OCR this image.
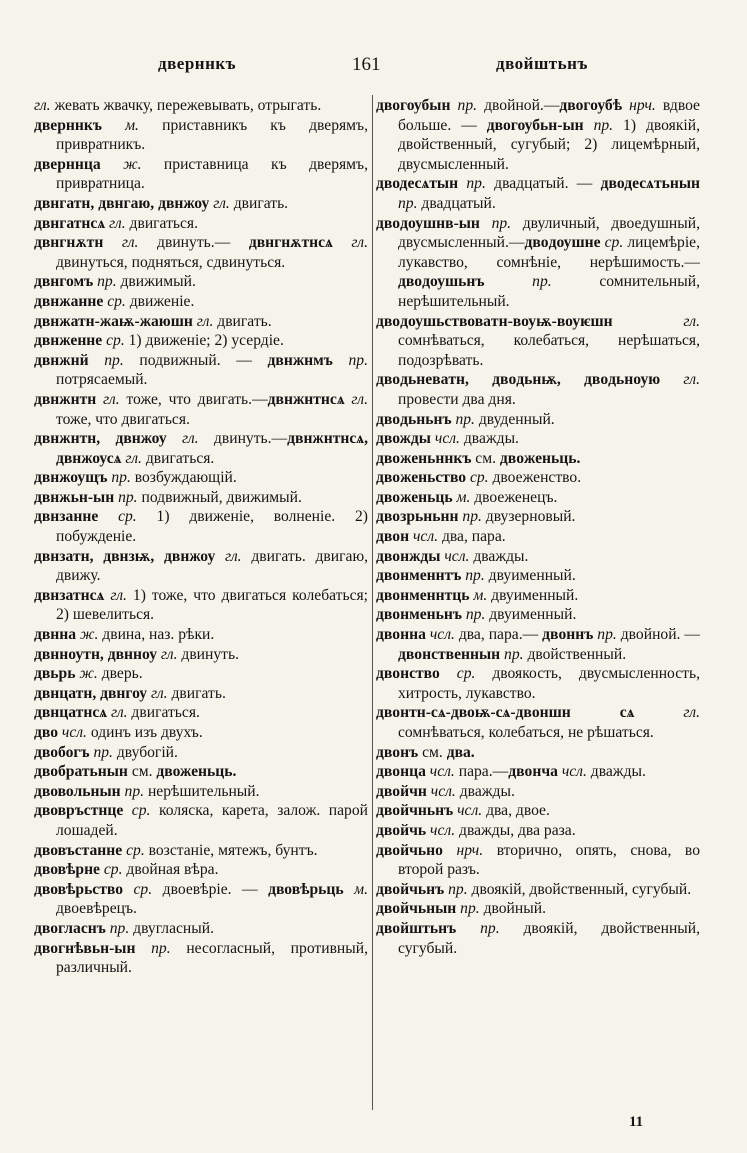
дверннкъ	161	двойштьнъ

гл. жевать жвачку, пережевывать, отрыгать.

дверннкъ м. приставникъ къ дверямъ, привратникъ.

дверннцa ж. приставница къ дверямъ, привратница.

двнгатн, двнгаю, двнжоу гл. двигать.

двнгатнсѧ гл. двигаться.

двнгнѫтн гл. двинуть.— двнгнѫтнсѧ гл. двинуться, подняться, сдвинуться.

двнгомъ пр. движимый.

двнжанне ср. движеніе.

двнжатн-жаѭ-жаюшн гл. двигать.

двнженне ср. 1) движеніе; 2) усердіе.

двнжнй пр. подвижный. — двнжнмъ пр. потрясаемый.

двнжнтн гл. тоже, что двигать.—двнжнтнсѧ гл. тоже, что двигаться.

двнжнтн, двнжоу гл. двинуть.—двнжнтнсѧ, двнжоусѧ гл. двигаться.

двнжоущъ пр. возбуждающій.

двнжьн-ын пр. подвижный, движимый.

двнзанне ср. 1) движеніе, волненіе. 2) побужденіе.

двнзатн, двнзѭ, двнжоу гл. двигать. двигаю, движу.

двнзатнсѧ гл. 1) тоже, что двигаться колебаться; 2) шевелиться.

двнна ж. двина, наз. рѣки.

двнноутн, двнноу гл. двинуть.

двьрь ж. дверь.

двнцатн, двнгоу гл. двигать.

двнцатнсѧ гл. двигаться.

дво чсл. одинъ изъ двухъ.

двобогъ пр. двубогій.

двобратьнын см. двоженьць.

двовольнын пр. нерѣшительный.

двовръстнце ср. коляска, карета, залож. парой лошадей.

двовъстанне ср. возстаніе, мятежъ, бунтъ.

двовѣрне ср. двойная вѣра.

двовѣрьство ср. двоевѣріе. — двовѣрьць м. двоевѣрецъ.

двогласнъ пр. двугласный.

двогнѣвьн-ын пр. несогласный, противный, различный.

двогоубын пр. двойной.—двогоубѣ нрч. вдвое больше. — двогоубьн-ын пр. 1) двоякій, двойственный, сугубый; 2) лицемѣрный, двусмысленный.

дводесѧтын пр. двадцатый. — дводесѧтьнын пр. двадцатый.

двoдоушнв-ын пр. двуличный, двоедушный, двусмысленный.—двoдоушне ср. лицемѣріе, лукавство, сомнѣніе, нерѣшимость.—двoдоушьнъ пр. сомнительный, нерѣшительный.

двoдоушьствовaтн-воуѭ-воуѥшн гл. сомнѣваться, колебаться, нерѣшаться, подозрѣвать.

двoдьневaтн, двoдьнѭ, двoдьноую гл. провести два дня.

двoдьньнъ пр. двуденный.

двожды чсл. дважды.

двoженьннкъ см. двoженьць.

двoженьство ср. двоеженство.

двoженьць м. двоеженецъ.

двoзрьньнн пр. двузерновый.

двoн чсл. два, пара.

двoнжды чсл. дважды.

двoнменнтъ пр. двуименный.

двoнменнтць м. двуименный.

двoнменьнъ пр. двуименный.

двoнна чсл. два, пара.— двoннъ пр. двойной. — двoнственнын пр. двойственный.

двoнство ср. двоякость, двусмысленность, хитрость, лукавство.

двoнтн-сѧ-двоѭ-сѧ-двoншн сѧ гл. сомнѣваться, колебаться, не рѣшаться.

двoнъ см. двa.

двoнца чсл. пара.—двoнчa чсл. дважды.

двoйчн чсл. дважды.

двoйчньнъ чсл. два, двое.

двoйчь чсл. дважды, два раза.

двoйчьно нрч. вторично, опять, снова, во второй разъ.

двoйчьнъ пр. двоякій, двойственный, сугубый.

двoйчьнын пр. двойный.

двoйштьнъ пр. двоякій, двойственный, сугубый.

11
